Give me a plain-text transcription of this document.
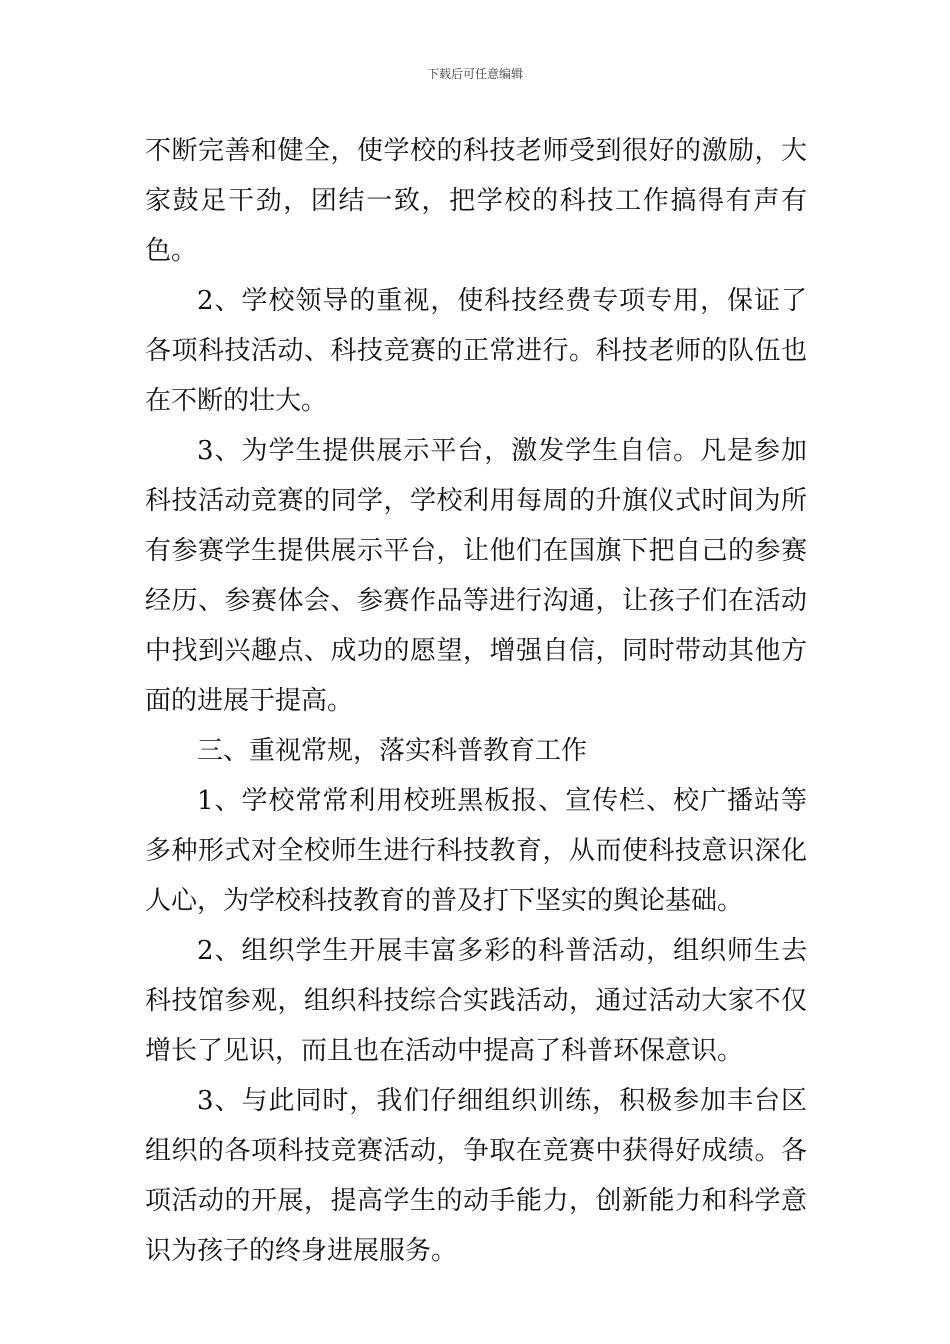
下载后可任意编辑

不断完善和健全，使学校的科技老师受到很好的激励，大家鼓足干劲，团结一致，把学校的科技工作搞得有声有色。

2、学校领导的重视，使科技经费专项专用，保证了各项科技活动、科技竞赛的正常进行。科技老师的队伍也在不断的壮大。

3、为学生提供展示平台，激发学生自信。凡是参加科技活动竞赛的同学，学校利用每周的升旗仪式时间为所有参赛学生提供展示平台，让他们在国旗下把自己的参赛经历、参赛体会、参赛作品等进行沟通，让孩子们在活动中找到兴趣点、成功的愿望，增强自信，同时带动其他方面的进展于提高。

三、重视常规，落实科普教育工作

1、学校常常利用校班黑板报、宣传栏、校广播站等多种形式对全校师生进行科技教育，从而使科技意识深化人心，为学校科技教育的普及打下坚实的舆论基础。

2、组织学生开展丰富多彩的科普活动，组织师生去科技馆参观，组织科技综合实践活动，通过活动大家不仅增长了见识，而且也在活动中提高了科普环保意识。

3、与此同时，我们仔细组织训练，积极参加丰台区组织的各项科技竞赛活动，争取在竞赛中获得好成绩。各项活动的开展，提高学生的动手能力，创新能力和科学意识为孩子的终身进展服务。
